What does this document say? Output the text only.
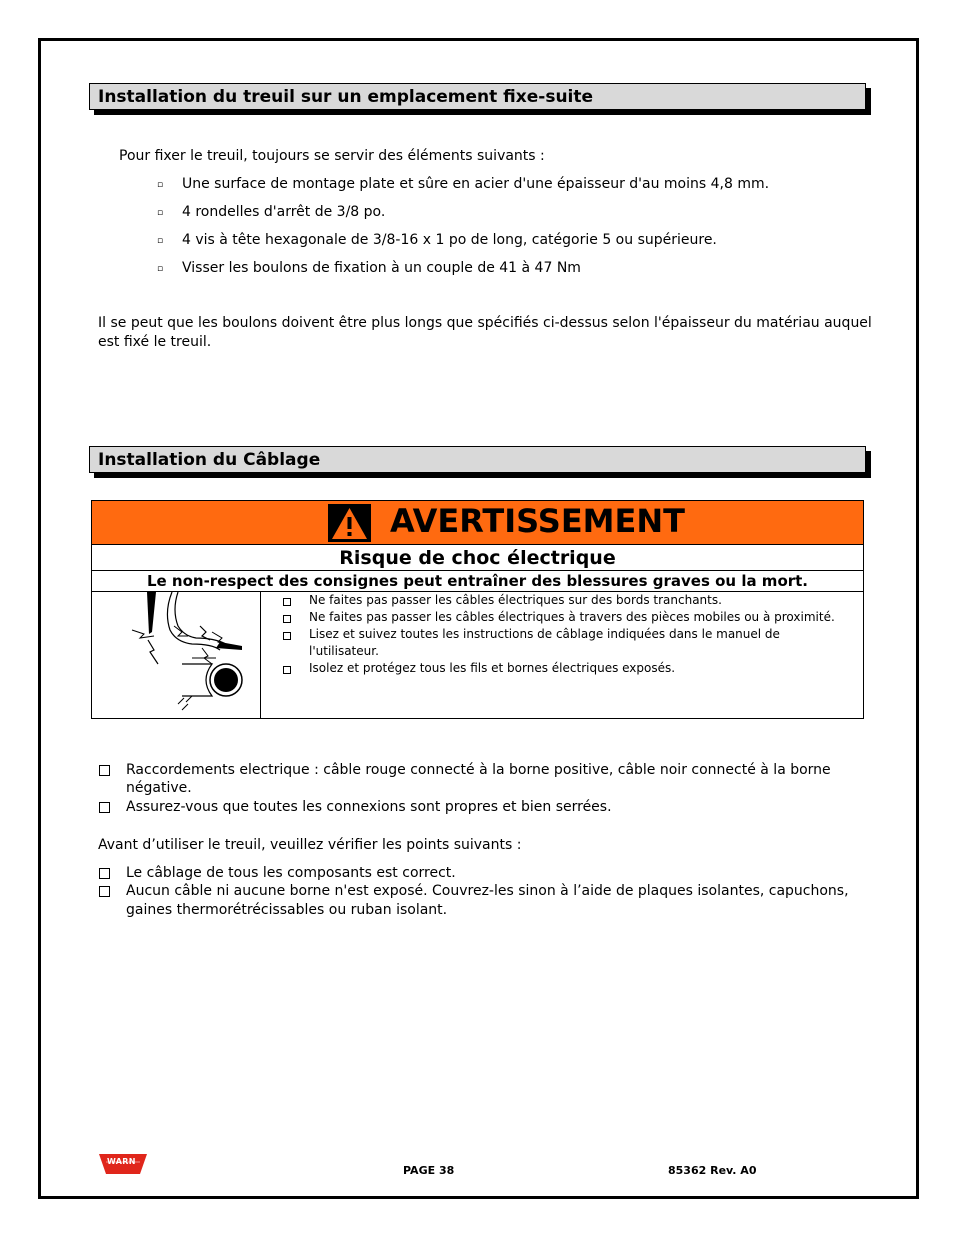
Installation du treuil sur un emplacement fixe-suite
Pour fixer le treuil, toujours se servir des éléments suivants :
▫ Une surface de montage plate et sûre en acier d'une épaisseur d'au moins 4,8 mm.
▫ 4 rondelles d'arrêt de 3/8 po.
▫ 4 vis à tête hexagonale de 3/8-16 x 1 po de long, catégorie 5 ou supérieure.
▫ Visser les boulons de fixation à un couple de 41 à 47 Nm
Il se peut que les boulons doivent être plus longs que spécifiés ci-dessus selon l'épaisseur du matériau auquel
est fixé le treuil.
Installation du Câblage
AVERTISSEMENT
Risque de choc électrique
Le non-respect des consignes peut entraîner des blessures graves ou la mort.
Ne faites pas passer les câbles électriques sur des bords tranchants.
Ne faites pas passer les câbles électriques à travers des pièces mobiles ou à proximité.
Lisez et suivez toutes les instructions de câblage indiquées dans le manuel de
l'utilisateur.
Isolez et protégez tous les fils et bornes électriques exposés.
Raccordements electrique : câble rouge connecté à la borne positive, câble noir connecté à la borne
négative.
Assurez-vous que toutes les connexions sont propres et bien serrées.
Avant d’utiliser le treuil, veuillez vérifier les points suivants :
Le câblage de tous les composants est correct.
Aucun câble ni aucune borne n'est exposé. Couvrez-les sinon à l’aide de plaques isolantes, capuchons,
gaines thermorétrécissables ou ruban isolant.
WARN
PAGE 38	85362 Rev. A0
